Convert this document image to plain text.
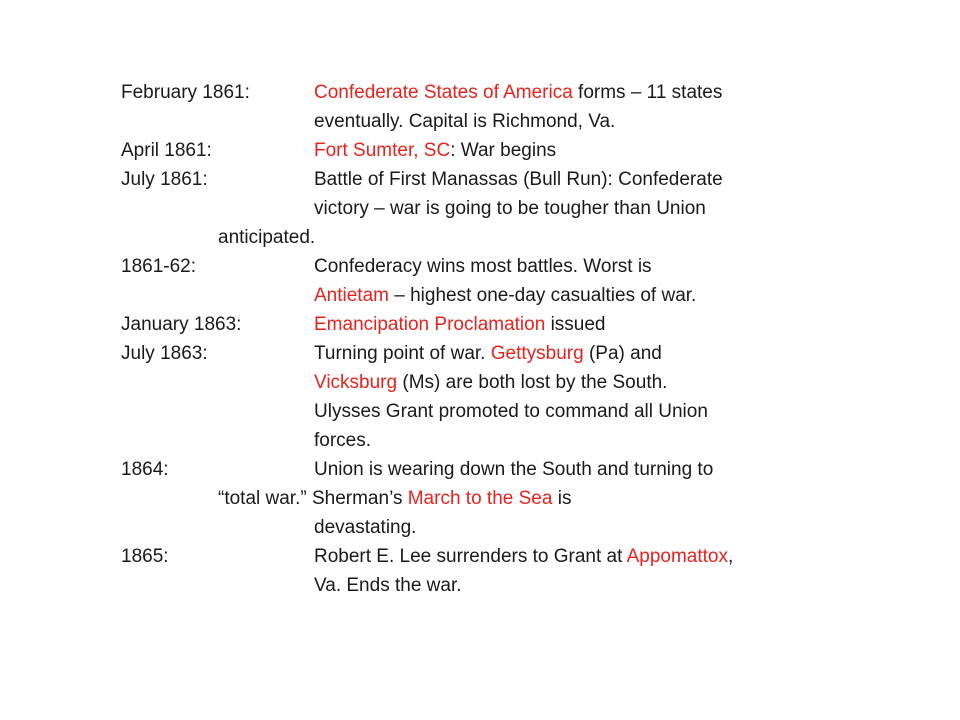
February 1861:	Confederate States of America forms – 11 states
eventually. Capital is Richmond, Va.
April 1861:	Fort Sumter, SC: War begins
July 1861:	Battle of First Manassas (Bull Run): Confederate
victory – war is going to be tougher than Union
anticipated.
1861-62:	Confederacy wins most battles. Worst is
Antietam – highest one-day casualties of war.
January 1863:	Emancipation Proclamation issued
July 1863:	Turning point of war. Gettysburg (Pa) and
Vicksburg (Ms) are both lost by the South.
Ulysses Grant promoted to command all Union
forces.
1864:	Union is wearing down the South and turning to
“total war.” Sherman’s March to the Sea is
devastating.
1865:	Robert E. Lee surrenders to Grant at Appomattox,
Va. Ends the war.
